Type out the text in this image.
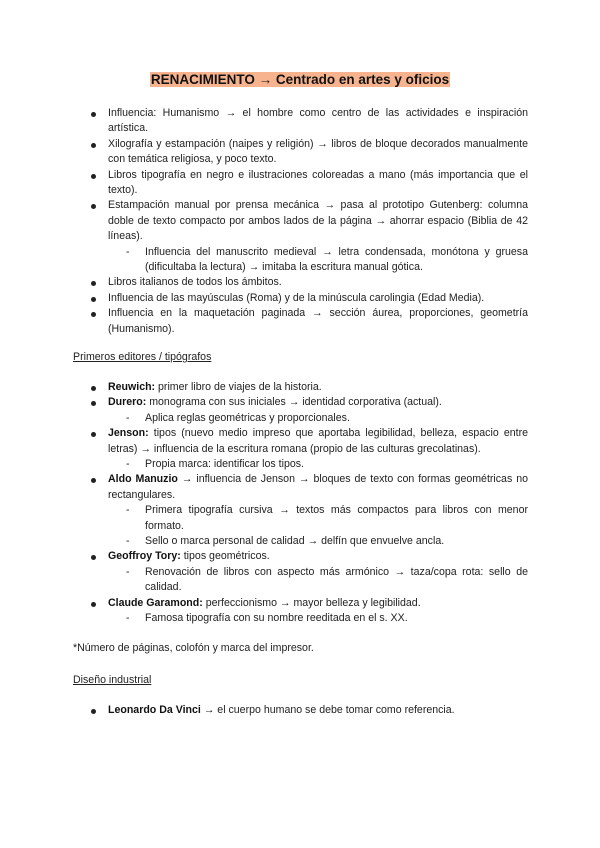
RENACIMIENTO → Centrado en artes y oficios
Influencia: Humanismo → el hombre como centro de las actividades e inspiración artística.
Xilografía y estampación (naipes y religión) → libros de bloque decorados manualmente con temática religiosa, y poco texto.
Libros tipografía en negro e ilustraciones coloreadas a mano (más importancia que el texto).
Estampación manual por prensa mecánica → pasa al prototipo Gutenberg: columna doble de texto compacto por ambos lados de la página → ahorrar espacio (Biblia de 42 líneas).
- Influencia del manuscrito medieval → letra condensada, monótona y gruesa (dificultaba la lectura) → imitaba la escritura manual gótica.
Libros italianos de todos los ámbitos.
Influencia de las mayúsculas (Roma) y de la minúscula carolingia (Edad Media).
Influencia en la maquetación paginada → sección áurea, proporciones, geometría (Humanismo).
Primeros editores / tipógrafos
Reuwich: primer libro de viajes de la historia.
Durero: monograma con sus iniciales → identidad corporativa (actual).
- Aplica reglas geométricas y proporcionales.
Jenson: tipos (nuevo medio impreso que aportaba legibilidad, belleza, espacio entre letras) → influencia de la escritura romana (propio de las culturas grecolatinas).
- Propia marca: identificar los tipos.
Aldo Manuzio → influencia de Jenson → bloques de texto con formas geométricas no rectangulares.
- Primera tipografía cursiva → textos más compactos para libros con menor formato.
- Sello o marca personal de calidad → delfín que envuelve ancla.
Geoffroy Tory: tipos geométricos.
- Renovación de libros con aspecto más armónico → taza/copa rota: sello de calidad.
Claude Garamond: perfeccionismo → mayor belleza y legibilidad.
- Famosa tipografía con su nombre reeditada en el s. XX.
*Número de páginas, colofón y marca del impresor.
Diseño industrial
Leonardo Da Vinci → el cuerpo humano se debe tomar como referencia.
